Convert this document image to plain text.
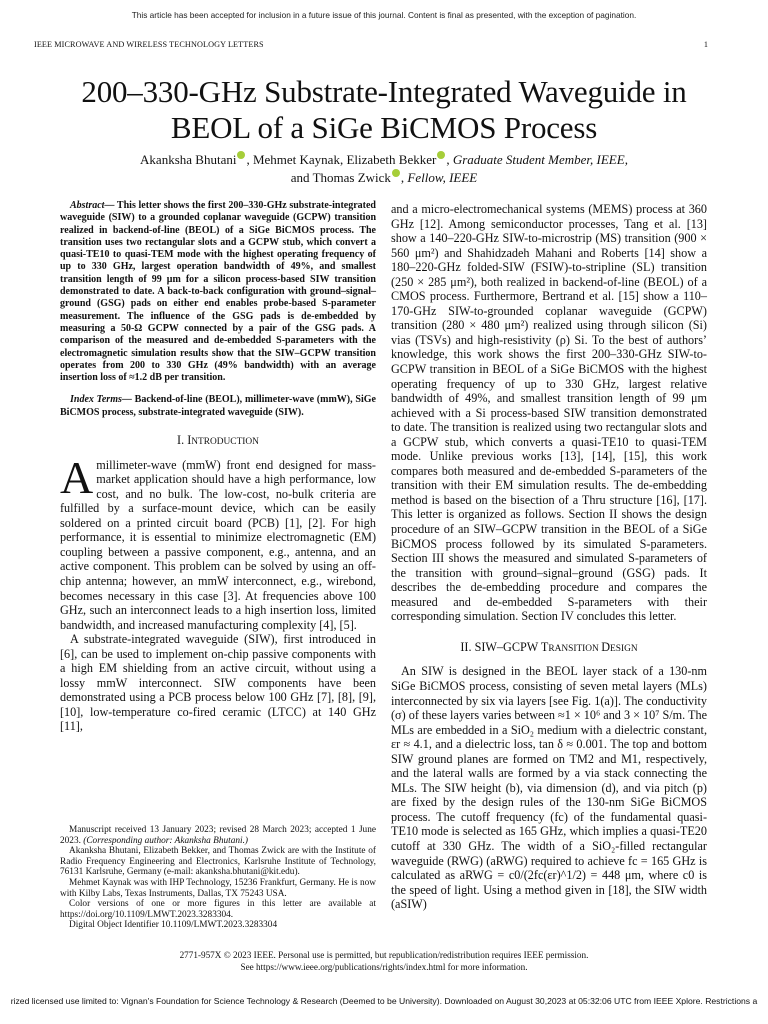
This article has been accepted for inclusion in a future issue of this journal. Content is final as presented, with the exception of pagination.
IEEE MICROWAVE AND WIRELESS TECHNOLOGY LETTERS	1
200–330-GHz Substrate-Integrated Waveguide in
BEOL of a SiGe BiCMOS Process
Akanksha Bhutani , Mehmet Kaynak, Elizabeth Bekker , Graduate Student Member, IEEE,
and Thomas Zwick , Fellow, IEEE

Abstract— This letter shows the first 200–330-GHz substrate-integrated waveguide (SIW) to a grounded coplanar waveguide (GCPW) transition realized in backend-of-line (BEOL) of a SiGe BiCMOS process. The transition uses two rectangular slots and a GCPW stub, which convert a quasi-TE10 to quasi-TEM mode with the highest operating frequency of up to 330 GHz, largest operation bandwidth of 49%, and smallest transition length of 99 μm for a silicon process-based SIW transition demonstrated to date. A back-to-back configuration with ground–signal–ground (GSG) pads on either end enables probe-based S-parameter measurement. The influence of the GSG pads is de-embedded by measuring a 50-Ω GCPW connected by a pair of the GSG pads. A comparison of the measured and de-embedded S-parameters with the electromagnetic simulation results show that the SIW–GCPW transition operates from 200 to 330 GHz (49% bandwidth) with an average insertion loss of ≈1.2 dB per transition.

Index Terms— Backend-of-line (BEOL), millimeter-wave (mmW), SiGe BiCMOS process, substrate-integrated waveguide (SIW).

I. INTRODUCTION

A millimeter-wave (mmW) front end designed for mass-market application should have a high performance, low cost, and no bulk. The low-cost, no-bulk criteria are fulfilled by a surface-mount device, which can be easily soldered on a printed circuit board (PCB) [1], [2]. For high performance, it is essential to minimize electromagnetic (EM) coupling between a passive component, e.g., antenna, and an active component. This problem can be solved by using an off-chip antenna; however, an mmW interconnect, e.g., wirebond, becomes necessary in this case [3]. At frequencies above 100 GHz, such an interconnect leads to a high insertion loss, limited bandwidth, and increased manufacturing complexity [4], [5].

A substrate-integrated waveguide (SIW), first introduced in [6], can be used to implement on-chip passive components with a high EM shielding from an active circuit, without using a lossy mmW interconnect. SIW components have been demonstrated using a PCB process below 100 GHz [7], [8], [9], [10], low-temperature co-fired ceramic (LTCC) at 140 GHz [11],

Manuscript received 13 January 2023; revised 28 March 2023; accepted 1 June 2023. (Corresponding author: Akanksha Bhutani.)

Akanksha Bhutani, Elizabeth Bekker, and Thomas Zwick are with the Institute of Radio Frequency Engineering and Electronics, Karlsruhe Institute of Technology, 76131 Karlsruhe, Germany (e-mail: akanksha.bhutani@kit.edu).

Mehmet Kaynak was with IHP Technology, 15236 Frankfurt, Germany. He is now with Kilby Labs, Texas Instruments, Dallas, TX 75243 USA.

Color versions of one or more figures in this letter are available at https://doi.org/10.1109/LMWT.2023.3283304.

Digital Object Identifier 10.1109/LMWT.2023.3283304

and a micro-electromechanical systems (MEMS) process at 360 GHz [12]. Among semiconductor processes, Tang et al. [13] show a 140–220-GHz SIW-to-microstrip (MS) transition (900 × 560 μm²) and Shahidzadeh Mahani and Roberts [14] show a 180–220-GHz folded-SIW (FSIW)-to-stripline (SL) transition (250 × 285 μm²), both realized in backend-of-line (BEOL) of a CMOS process. Furthermore, Bertrand et al. [15] show a 110–170-GHz SIW-to-grounded coplanar waveguide (GCPW) transition (280 × 480 μm²) realized using through silicon (Si) vias (TSVs) and high-resistivity (ρ) Si. To the best of authors’ knowledge, this work shows the first 200–330-GHz SIW-to-GCPW transition in BEOL of a SiGe BiCMOS with the highest operating frequency of up to 330 GHz, largest relative bandwidth of 49%, and smallest transition length of 99 μm achieved with a Si process-based SIW transition demonstrated to date. The transition is realized using two rectangular slots and a GCPW stub, which converts a quasi-TE10 to quasi-TEM mode. Unlike previous works [13], [14], [15], this work compares both measured and de-embedded S-parameters of the transition with their EM simulation results. The de-embedding method is based on the bisection of a Thru structure [16], [17]. This letter is organized as follows. Section II shows the design procedure of an SIW–GCPW transition in the BEOL of a SiGe BiCMOS process followed by its simulated S-parameters. Section III shows the measured and simulated S-parameters of the transition with ground–signal–ground (GSG) pads. It describes the de-embedding procedure and compares the measured and de-embedded S-parameters with their corresponding simulation. Section IV concludes this letter.

II. SIW–GCPW TRANSITION DESIGN

An SIW is designed in the BEOL layer stack of a 130-nm SiGe BiCMOS process, consisting of seven metal layers (MLs) interconnected by six via layers [see Fig. 1(a)]. The conductivity (σ) of these layers varies between ≈1 × 10⁶ and 3 × 10⁷ S/m. The MLs are embedded in a SiO₂ medium with a dielectric constant, εr ≈ 4.1, and a dielectric loss, tan δ ≈ 0.001. The top and bottom SIW ground planes are formed on TM2 and M1, respectively, and the lateral walls are formed by a via stack connecting the MLs. The SIW height (b), via dimension (d), and via pitch (p) are fixed by the design rules of the 130-nm SiGe BiCMOS process. The cutoff frequency (fc) of the fundamental quasi-TE10 mode is selected as 165 GHz, which implies a quasi-TE20 cutoff at 330 GHz. The width of a SiO₂-filled rectangular waveguide (RWG) (aRWG) required to achieve fc = 165 GHz is calculated as aRWG = c0/(2fc(εr)^1/2) = 448 μm, where c0 is the speed of light. Using a method given in [18], the SIW width (aSIW)

2771-957X © 2023 IEEE. Personal use is permitted, but republication/redistribution requires IEEE permission.
See https://www.ieee.org/publications/rights/index.html for more information.
rized licensed use limited to: Vignan's Foundation for Science Technology & Research (Deemed to be University). Downloaded on August 30,2023 at 05:32:06 UTC from IEEE Xplore. Restrictions a
